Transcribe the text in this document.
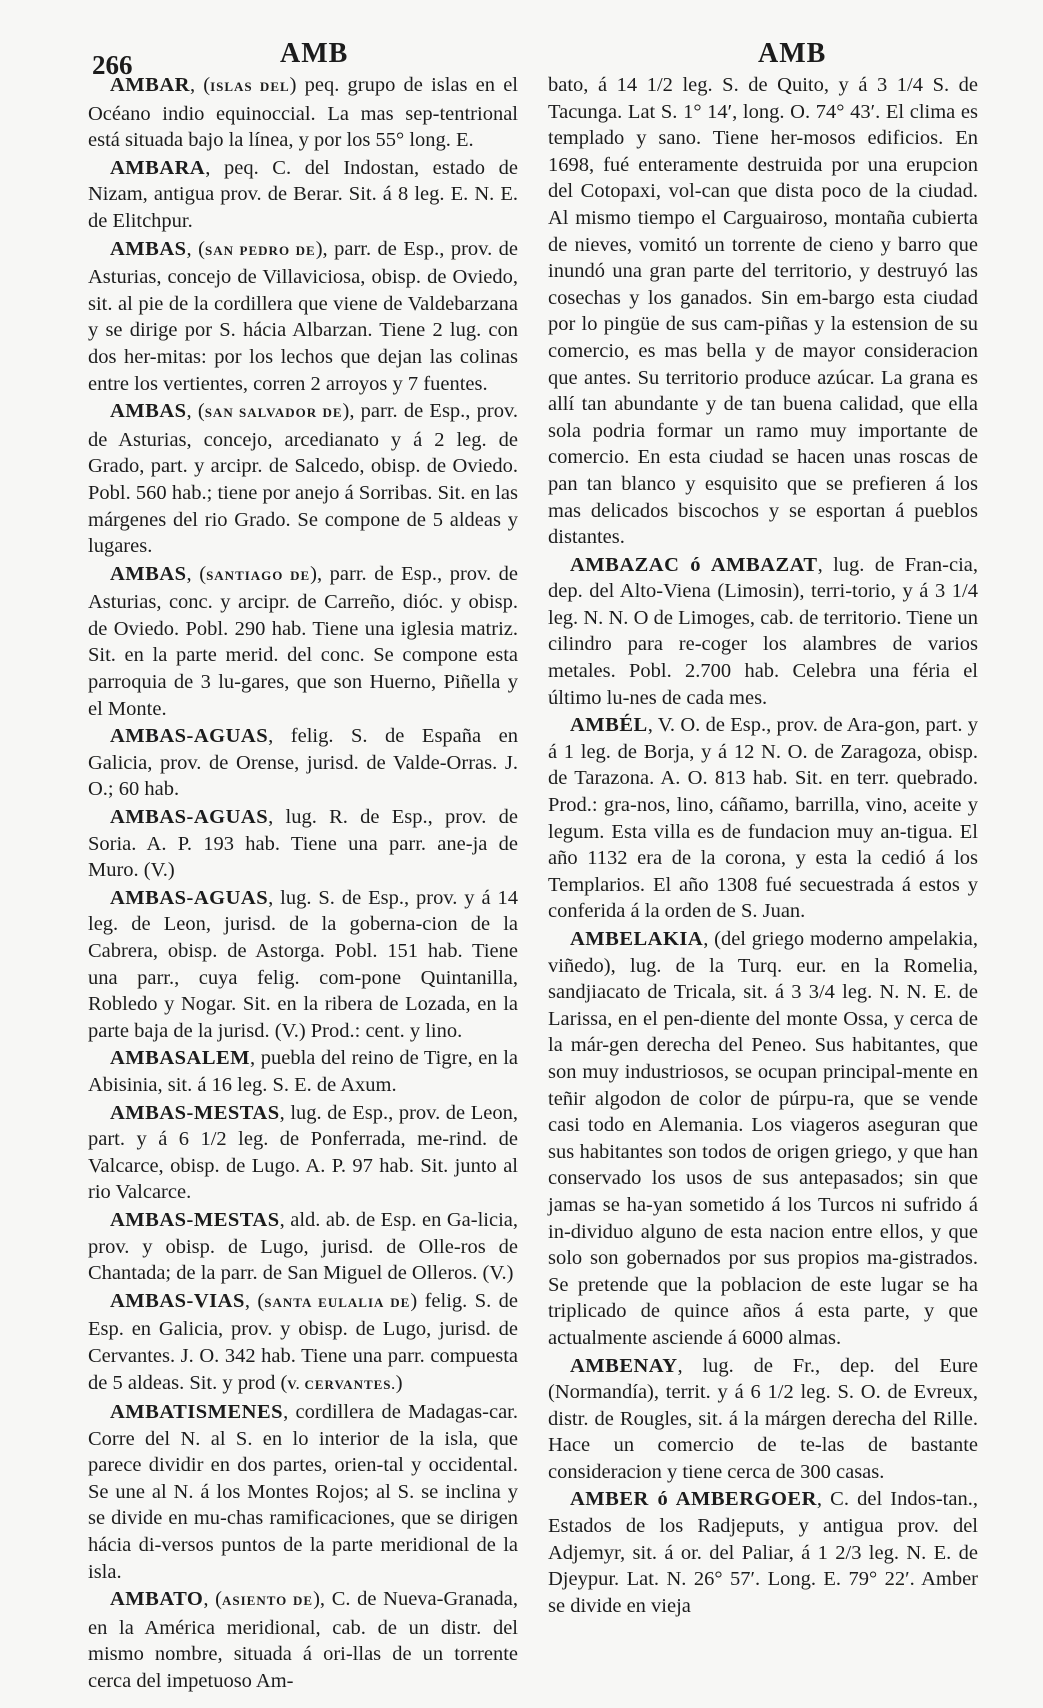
266	AMB	AMB

AMBAR, (ISLAS DEL) peq. grupo de islas en el Océano indio equinoccial. La mas sep-tentrional está situada bajo la línea, y por los 55° long. E.

AMBARA, peq. C. del Indostan, estado de Nizam, antigua prov. de Berar. Sit. á 8 leg. E. N. E. de Elitchpur.

AMBAS, (SAN PEDRO DE), parr. de Esp., prov. de Asturias, concejo de Villaviciosa, obisp. de Oviedo, sit. al pie de la cordillera que viene de Valdebarzana y se dirige por S. hácia Albarzan. Tiene 2 lug. con dos her-mitas: por los lechos que dejan las colinas entre los vertientes, corren 2 arroyos y 7 fuentes.

AMBAS, (SAN SALVADOR DE), parr. de Esp., prov. de Asturias, concejo, arcedianato y á 2 leg. de Grado, part. y arcipr. de Salcedo, obisp. de Oviedo. Pobl. 560 hab.; tiene por anejo á Sorribas. Sit. en las márgenes del rio Grado. Se compone de 5 aldeas y lugares.

AMBAS, (SANTIAGO DE), parr. de Esp., prov. de Asturias, conc. y arcipr. de Carreño, dióc. y obisp. de Oviedo. Pobl. 290 hab. Tiene una iglesia matriz. Sit. en la parte merid. del conc. Se compone esta parroquia de 3 lu-gares, que son Huerno, Piñella y el Monte.

AMBAS-AGUAS, felig. S. de España en Galicia, prov. de Orense, jurisd. de Valde-Orras. J. O.; 60 hab.

AMBAS-AGUAS, lug. R. de Esp., prov. de Soria. A. P. 193 hab. Tiene una parr. ane-ja de Muro. (V.)

AMBAS-AGUAS, lug. S. de Esp., prov. y á 14 leg. de Leon, jurisd. de la goberna-cion de la Cabrera, obisp. de Astorga. Pobl. 151 hab. Tiene una parr., cuya felig. com-pone Quintanilla, Robledo y Nogar. Sit. en la ribera de Lozada, en la parte baja de la jurisd. (V.) Prod.: cent. y lino.

AMBASALEM, puebla del reino de Tigre, en la Abisinia, sit. á 16 leg. S. E. de Axum.

AMBAS-MESTAS, lug. de Esp., prov. de Leon, part. y á 6 1/2 leg. de Ponferrada, me-rind. de Valcarce, obisp. de Lugo. A. P. 97 hab. Sit. junto al rio Valcarce.

AMBAS-MESTAS, ald. ab. de Esp. en Ga-licia, prov. y obisp. de Lugo, jurisd. de Olle-ros de Chantada; de la parr. de San Miguel de Olleros. (V.)

AMBAS-VIAS, (SANTA EULALIA DE) felig. S. de Esp. en Galicia, prov. y obisp. de Lugo, jurisd. de Cervantes. J. O. 342 hab. Tiene una parr. compuesta de 5 aldeas. Sit. y prod (V. CERVANTES.)

AMBATISMENES, cordillera de Madagas-car. Corre del N. al S. en lo interior de la isla, que parece dividir en dos partes, orien-tal y occidental. Se une al N. á los Montes Rojos; al S. se inclina y se divide en mu-chas ramificaciones, que se dirigen hácia di-versos puntos de la parte meridional de la isla.

AMBATO, (ASIENTO DE), C. de Nueva-Granada, en la América meridional, cab. de un distr. del mismo nombre, situada á ori-llas de un torrente cerca del impetuoso Am-

bato, á 14 1/2 leg. S. de Quito, y á 3 1/4 S. de Tacunga. Lat S. 1° 14′, long. O. 74° 43′. El clima es templado y sano. Tiene her-mosos edificios. En 1698, fué enteramente destruida por una erupcion del Cotopaxi, vol-can que dista poco de la ciudad. Al mismo tiempo el Carguairoso, montaña cubierta de nieves, vomitó un torrente de cieno y barro que inundó una gran parte del territorio, y destruyó las cosechas y los ganados. Sin em-bargo esta ciudad por lo pingüe de sus cam-piñas y la estension de su comercio, es mas bella y de mayor consideracion que antes. Su territorio produce azúcar. La grana es allí tan abundante y de tan buena calidad, que ella sola podria formar un ramo muy importante de comercio. En esta ciudad se hacen unas roscas de pan tan blanco y esquisito que se prefieren á los mas delicados biscochos y se esportan á pueblos distantes.

AMBAZAC ó AMBAZAT, lug. de Fran-cia, dep. del Alto-Viena (Limosin), terri-torio, y á 3 1/4 leg. N. N. O de Limoges, cab. de territorio. Tiene un cilindro para re-coger los alambres de varios metales. Pobl. 2.700 hab. Celebra una féria el último lu-nes de cada mes.

AMBÉL, V. O. de Esp., prov. de Ara-gon, part. y á 1 leg. de Borja, y á 12 N. O. de Zaragoza, obisp. de Tarazona. A. O. 813 hab. Sit. en terr. quebrado. Prod.: gra-nos, lino, cáñamo, barrilla, vino, aceite y legum. Esta villa es de fundacion muy an-tigua. El año 1132 era de la corona, y esta la cedió á los Templarios. El año 1308 fué secuestrada á estos y conferida á la orden de S. Juan.

AMBELAKIA, (del griego moderno ampelakia, viñedo), lug. de la Turq. eur. en la Romelia, sandjiacato de Tricala, sit. á 3 3/4 leg. N. N. E. de Larissa, en el pen-diente del monte Ossa, y cerca de la már-gen derecha del Peneo. Sus habitantes, que son muy industriosos, se ocupan principal-mente en teñir algodon de color de púrpu-ra, que se vende casi todo en Alemania. Los viageros aseguran que sus habitantes son todos de origen griego, y que han conservado los usos de sus antepasados; sin que jamas se ha-yan sometido á los Turcos ni sufrido á in-dividuo alguno de esta nacion entre ellos, y que solo son gobernados por sus propios ma-gistrados. Se pretende que la poblacion de este lugar se ha triplicado de quince años á esta parte, y que actualmente asciende á 6000 almas.

AMBENAY, lug. de Fr., dep. del Eure (Normandía), territ. y á 6 1/2 leg. S. O. de Evreux, distr. de Rougles, sit. á la márgen derecha del Rille. Hace un comercio de te-las de bastante consideracion y tiene cerca de 300 casas.

AMBER ó AMBERGOER, C. del Indos-tan., Estados de los Radjeputs, y antigua prov. del Adjemyr, sit. á or. del Paliar, á 1 2/3 leg. N. E. de Djeypur. Lat. N. 26° 57′. Long. E. 79° 22′. Amber se divide en vieja
